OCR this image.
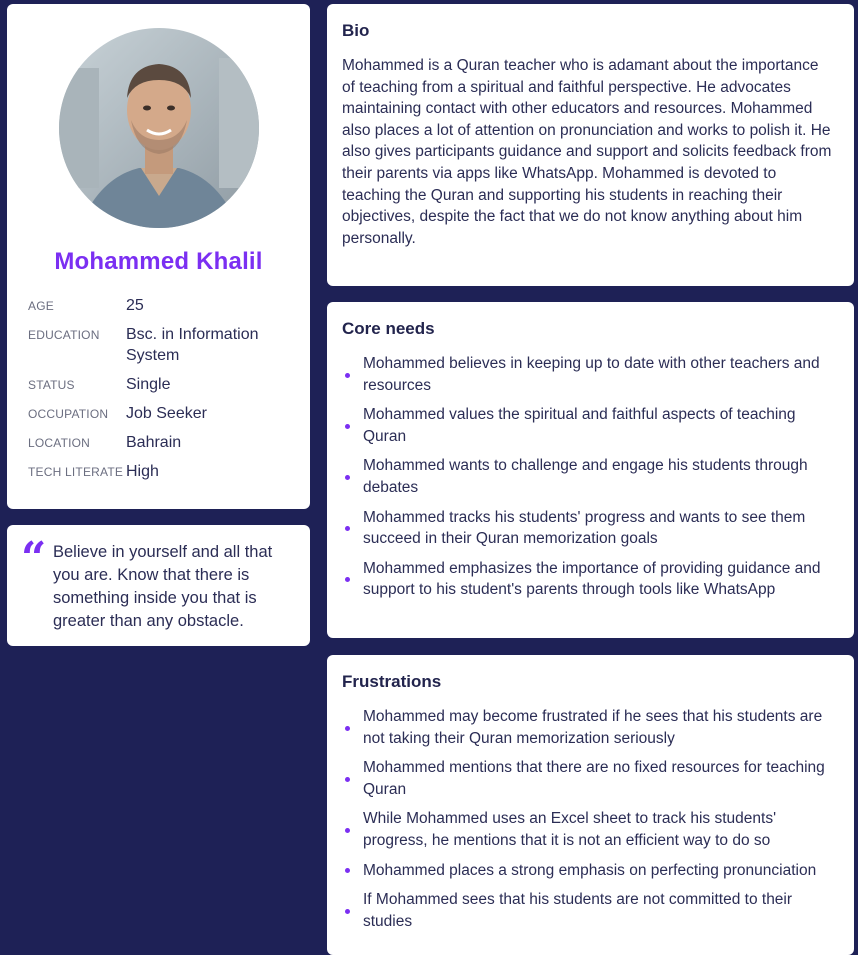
Mohammed Khalil
AGE	25
EDUCATION	Bsc. in Information System
STATUS	Single
OCCUPATION	Job Seeker
LOCATION	Bahrain
TECH LITERATE High
“ Believe in yourself and all that you are. Know that there is something inside you that is greater than any obstacle.
Bio
Mohammed is a Quran teacher who is adamant about the importance of teaching from a spiritual and faithful perspective. He advocates maintaining contact with other educators and resources. Mohammed also places a lot of attention on pronunciation and works to polish it. He also gives participants guidance and support and solicits feedback from their parents via apps like WhatsApp. Mohammed is devoted to teaching the Quran and supporting his students in reaching their objectives, despite the fact that we do not know anything about him personally.
Core needs
Mohammed believes in keeping up to date with other teachers and resources
Mohammed values the spiritual and faithful aspects of teaching Quran
Mohammed wants to challenge and engage his students through debates
Mohammed tracks his students' progress and wants to see them succeed in their Quran memorization goals
Mohammed emphasizes the importance of providing guidance and support to his student's parents through tools like WhatsApp
Frustrations
Mohammed may become frustrated if he sees that his students are not taking their Quran memorization seriously
Mohammed mentions that there are no fixed resources for teaching Quran
While Mohammed uses an Excel sheet to track his students' progress, he mentions that it is not an efficient way to do so
Mohammed places a strong emphasis on perfecting pronunciation
If Mohammed sees that his students are not committed to their studies
